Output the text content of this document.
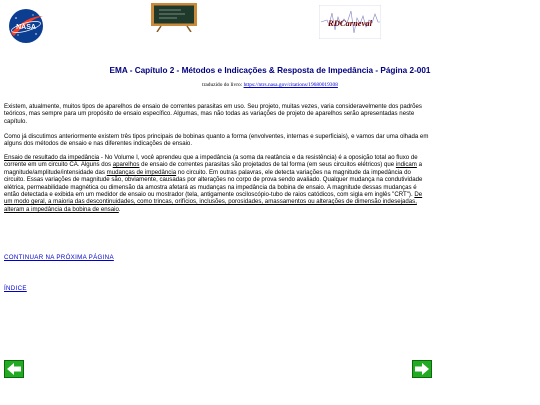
NASA	RDCarneval
EMA - Capítulo 2 - Métodos e Indicações & Resposta de Impedância - Página 2-001
traduzido do livro: https://ntrs.nasa.gov/citations/19680019308
Existem, atualmente, muitos tipos de aparelhos de ensaio de correntes parasitas em uso. Seu projeto, muitas vezes, varia consideravelmente dos padrões teóricos, mas sempre para um propósito de ensaio específico. Algumas, mas não todas as variações de projeto de aparelhos serão apresentadas neste capítulo.
Como já discutimos anteriormente existem três tipos principais de bobinas quanto a forma (envolventes, internas e superficiais), e vamos dar uma olhada em alguns dos métodos de ensaio e nas diferentes indicações de ensaio.
Ensaio de resultado da impedância - No Volume I, você aprendeu que a impedância (a soma da reatância e da resistência) é a oposição total ao fluxo de corrente em um circuito CA. Alguns dos aparelhos de ensaio de correntes parasitas são projetados de tal forma (em seus circuitos elétricos) que indicam a magnitude/amplitude/intensidade das mudanças de impedância no circuito. Em outras palavras, ele detecta variações na magnitude da impedância do circuito. Essas variações de magnitude são, obviamente, causadas por alterações no corpo de prova sendo avaliado. Qualquer mudança na condutividade elétrica, permeabilidade magnética ou dimensão da amostra afetará as mudanças na impedância da bobina de ensaio. A magnitude dessas mudanças é então detectada e exibida em um medidor de ensaio ou mostrador (tela, antigamente osciloscópio-tubo de raios catódicos, com sigla em inglês "CRT"). De um modo geral, a maioria das descontinuidades, como trincas, orifícios, inclusões, porosidades, amassamentos ou alterações de dimensão indesejadas, alteram a impedância da bobina de ensaio.
CONTINUAR NA PRÓXIMA PÁGINA
ÍNDICE
